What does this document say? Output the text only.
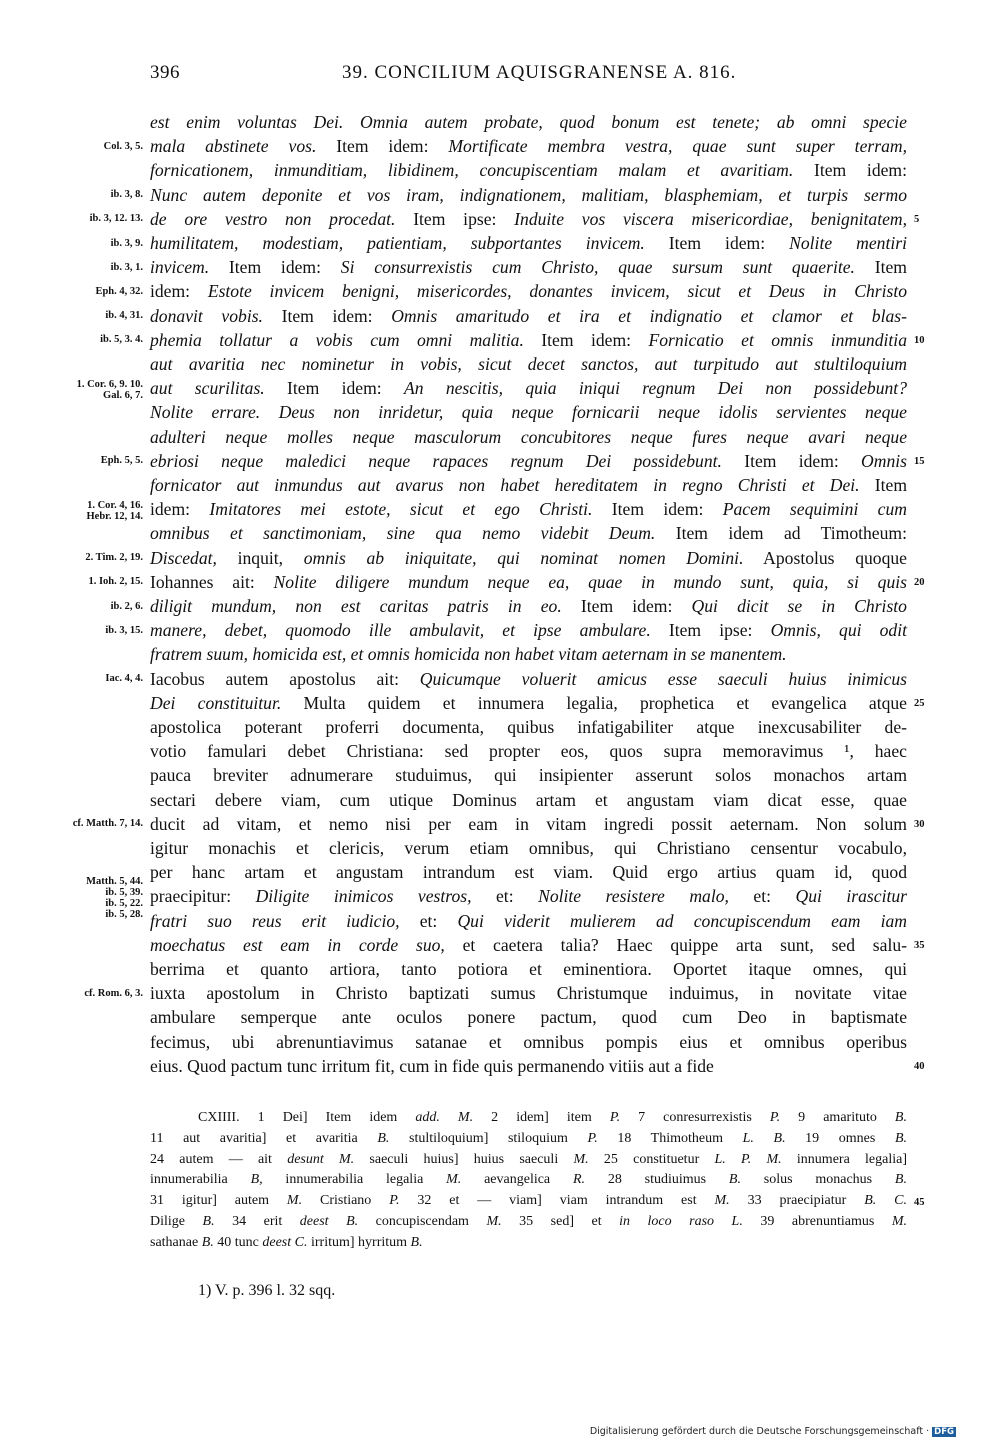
396	39. CONCILIUM AQUISGRANENSE A. 816.
est enim voluntas Dei. Omnia autem probate, quod bonum est tenete; ab omni specie
mala abstinete vos. Item idem: Mortificate membra vestra, quae sunt super terram,
fornicationem, inmunditiam, libidinem, concupiscentiam malam et avaritiam. Item idem:
Nunc autem deponite et vos iram, indignationem, malitiam, blasphemiam, et turpis sermo
de ore vestro non procedat. Item ipse: Induite vos viscera misericordiae, benignitatem,
humilitatem, modestiam, patientiam, subportantes invicem. Item idem: Nolite mentiri
invicem. Item idem: Si consurrexistis cum Christo, quae sursum sunt quaerite. Item
idem: Estote invicem benigni, misericordes, donantes invicem, sicut et Deus in Christo
donavit vobis. Item idem: Omnis amaritudo et ira et indignatio et clamor et blas-
phemia tollatur a vobis cum omni malitia. Item idem: Fornicatio et omnis inmunditia
aut avaritia nec nominetur in vobis, sicut decet sanctos, aut turpitudo aut stultiloquium
aut scurilitas. Item idem: An nescitis, quia iniqui regnum Dei non possidebunt?
Nolite errare. Deus non inridetur, quia neque fornicarii neque idolis servientes neque
adulteri neque molles neque masculorum concubitores neque fures neque avari neque
ebriosi neque maledici neque rapaces regnum Dei possidebunt. Item idem: Omnis
fornicator aut inmundus aut avarus non habet hereditatem in regno Christi et Dei. Item
idem: Imitatores mei estote, sicut et ego Christi. Item idem: Pacem sequimini cum
omnibus et sanctimoniam, sine qua nemo videbit Deum. Item idem ad Timotheum:
Discedat, inquit, omnis ab iniquitate, qui nominat nomen Domini. Apostolus quoque
Iohannes ait: Nolite diligere mundum neque ea, quae in mundo sunt, quia, si quis
diligit mundum, non est caritas patris in eo. Item idem: Qui dicit se in Christo
manere, debet, quomodo ille ambulavit, et ipse ambulare. Item ipse: Omnis, qui odit
fratrem suum, homicida est, et omnis homicida non habet vitam aeternam in se manentem.
Iacobus autem apostolus ait: Quicumque voluerit amicus esse saeculi huius inimicus
Dei constituitur. Multa quidem et innumera legalia, prophetica et evangelica atque
apostolica poterant proferri documenta, quibus infatigabiliter atque inexcusabiliter de-
votio famulari debet Christiana: sed propter eos, quos supra memoravimus ¹, haec
pauca breviter adnumerare studuimus, qui insipienter asserunt solos monachos artam
sectari debere viam, cum utique Dominus artam et angustam viam dicat esse, quae
ducit ad vitam, et nemo nisi per eam in vitam ingredi possit aeternam. Non solum
igitur monachis et clericis, verum etiam omnibus, qui Christiano censentur vocabulo,
per hanc artam et angustam intrandum est viam. Quid ergo artius quam id, quod
praecipitur: Diligite inimicos vestros, et: Nolite resistere malo, et: Qui irascitur
fratri suo reus erit iudicio, et: Qui viderit mulierem ad concupiscendum eam iam
moechatus est eam in corde suo, et caetera talia? Haec quippe arta sunt, sed salu-
berrima et quanto artiora, tanto potiora et eminentiora. Oportet itaque omnes, qui
iuxta apostolum in Christo baptizati sumus Christumque induimus, in novitate vitae
ambulare semperque ante oculos ponere pactum, quod cum Deo in baptismate
fecimus, ubi abrenuntiavimus satanae et omnibus pompis eius et omnibus operibus
eius. Quod pactum tunc irritum fit, cum in fide quis permanendo vitiis aut a fide
Col. 3, 5.
ib. 3, 8.
ib. 3, 12. 13.
ib. 3, 9.
ib. 3, 1.
Eph. 4, 32.
ib. 4, 31.
ib. 5, 3. 4.
1. Cor. 6, 9. 10.
Gal. 6, 7.
Eph. 5, 5.
1. Cor. 4, 16.
Hebr. 12, 14.
2. Tim. 2, 19.
1. Ioh. 2, 15.
ib. 2, 6.
ib. 3, 15.
Iac. 4, 4.
cf. Matth. 7, 14.
Matth. 5, 44.
ib. 5, 39.
ib. 5, 22.
ib. 5, 28.
cf. Rom. 6, 3.
5
10
15
20
25
30
35
40
CXIIII. 1 Dei] Item idem add. M. 2 idem] item P. 7 conresurrexistis P. 9 amarituto B.
11 aut avaritia] et avaritia B. stultiloquium] stiloquium P. 18 Thimotheum L. B. 19 omnes B.
24 autem — ait desunt M. saeculi huius] huius saeculi M. 25 constituetur L. P. M. innumera legalia]
innumerabilia B, innumerabilia legalia M. aevangelica R. 28 studiuimus B. solus monachus B.
31 igitur] autem M. Cristiano P. 32 et — viam] viam intrandum est M. 33 praecipiatur B. C.
Dilige B. 34 erit deest B. concupiscendam M. 35 sed] et in loco raso L. 39 abrenuntiamus M.
sathanae B. 40 tunc deest C. irritum] hyrritum B.
45
1) V. p. 396 l. 32 sqq.
Digitalisierung gefördert durch die Deutsche Forschungsgemeinschaft · DFG
